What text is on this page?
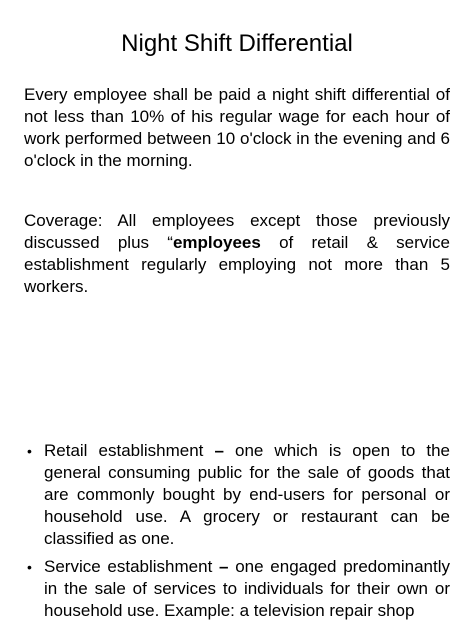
Night Shift Differential
Every employee shall be paid a night shift differential of not less than 10% of his regular wage for each hour of work performed between 10 o'clock in the evening and 6 o'clock in the morning.
Coverage: All employees except those previously discussed plus “employees of retail & service establishment regularly employing not more than 5 workers.
• Retail establishment – one which is open to the general consuming public for the sale of goods that are commonly bought by end-users for personal or household use. A grocery or restaurant can be classified as one.
• Service establishment – one engaged predominantly in the sale of services to individuals for their own or household use. Example: a television repair shop
